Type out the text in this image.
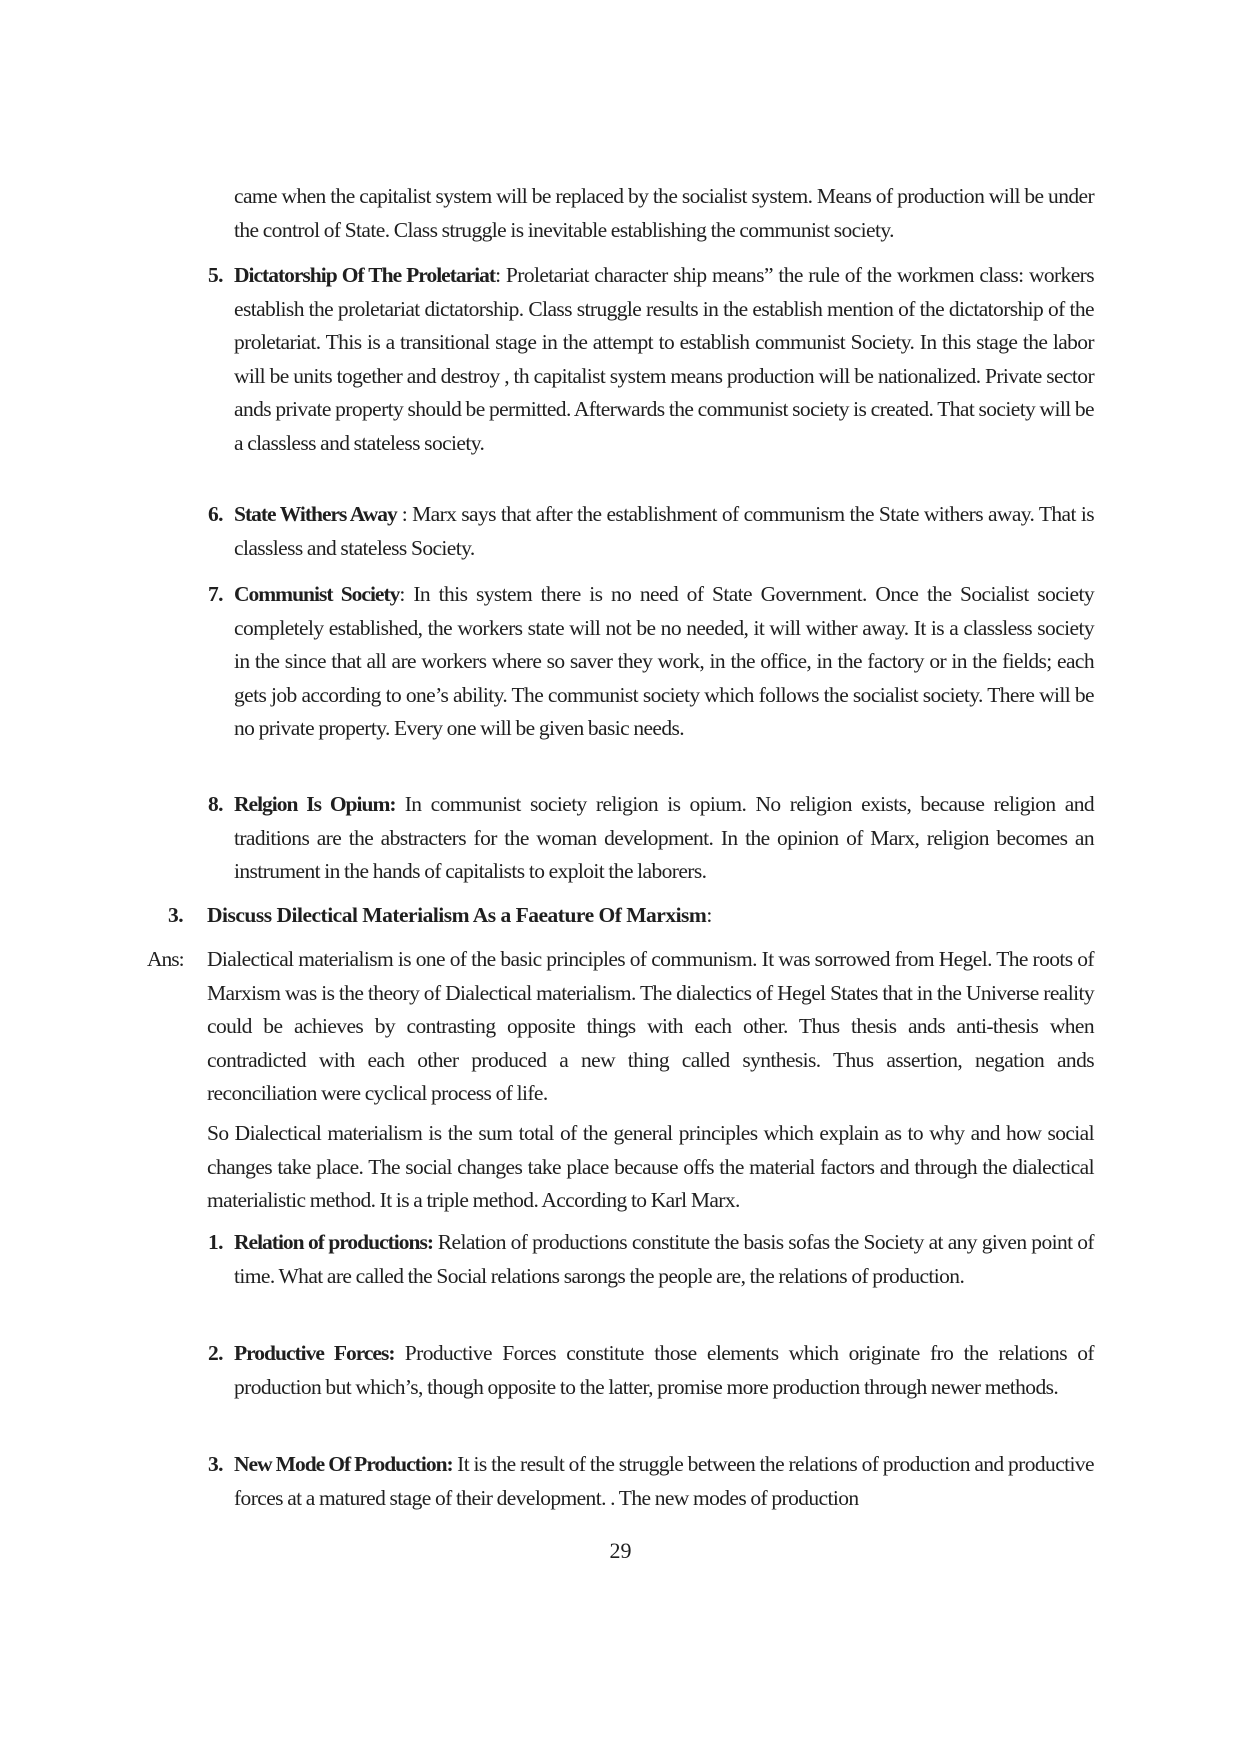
came when the capitalist system will be replaced by the socialist system. Means of production will be under the control of State. Class struggle is inevitable establishing the communist society.
5. Dictatorship Of The Proletariat: Proletariat character ship means” the rule of the workmen class: workers establish the proletariat dictatorship. Class struggle results in the establish mention of the dictatorship of the proletariat. This is a transitional stage in the attempt to establish communist Society. In this stage the labor will be units together and destroy , th capitalist system means production will be nationalized. Private sector ands private property should be permitted. Afterwards the communist society is created. That society will be a classless and stateless society.
6. State Withers Away : Marx says that after the establishment of communism the State withers away. That is classless and stateless Society.
7. Communist Society: In this system there is no need of State Government. Once the Socialist society completely established, the workers state will not be no needed, it will wither away. It is a classless society in the since that all are workers where so saver they work, in the office, in the factory or in the fields; each gets job according to one’s ability. The communist society which follows the socialist society. There will be no private property. Every one will be given basic needs.
8. Relgion Is Opium: In communist society religion is opium. No religion exists, because religion and traditions are the abstracters for the woman development. In the opinion of Marx, religion becomes an instrument in the hands of capitalists to exploit the laborers.
3. Discuss Dilectical Materialism As a Faeature Of Marxism:
Ans:	Dialectical materialism is one of the basic principles of communism. It was sorrowed from Hegel. The roots of Marxism was is the theory of Dialectical materialism. The dialectics of Hegel States that in the Universe reality could be achieves by contrasting opposite things with each other. Thus thesis ands anti-thesis when contradicted with each other produced a new thing called synthesis. Thus assertion, negation ands reconciliation were cyclical process of life.
So Dialectical materialism is the sum total of the general principles which explain as to why and how social changes take place. The social changes take place because offs the material factors and through the dialectical materialistic method. It is a triple method. According to Karl Marx.
1. Relation of productions: Relation of productions constitute the basis sofas the Society at any given point of time. What are called the Social relations sarongs the people are, the relations of production.
2. Productive Forces: Productive Forces constitute those elements which originate fro the relations of production but which’s, though opposite to the latter, promise more production through newer methods.
3. New Mode Of Production: It is the result of the struggle between the relations of production and productive forces at a matured stage of their development. . The new modes of production
29
